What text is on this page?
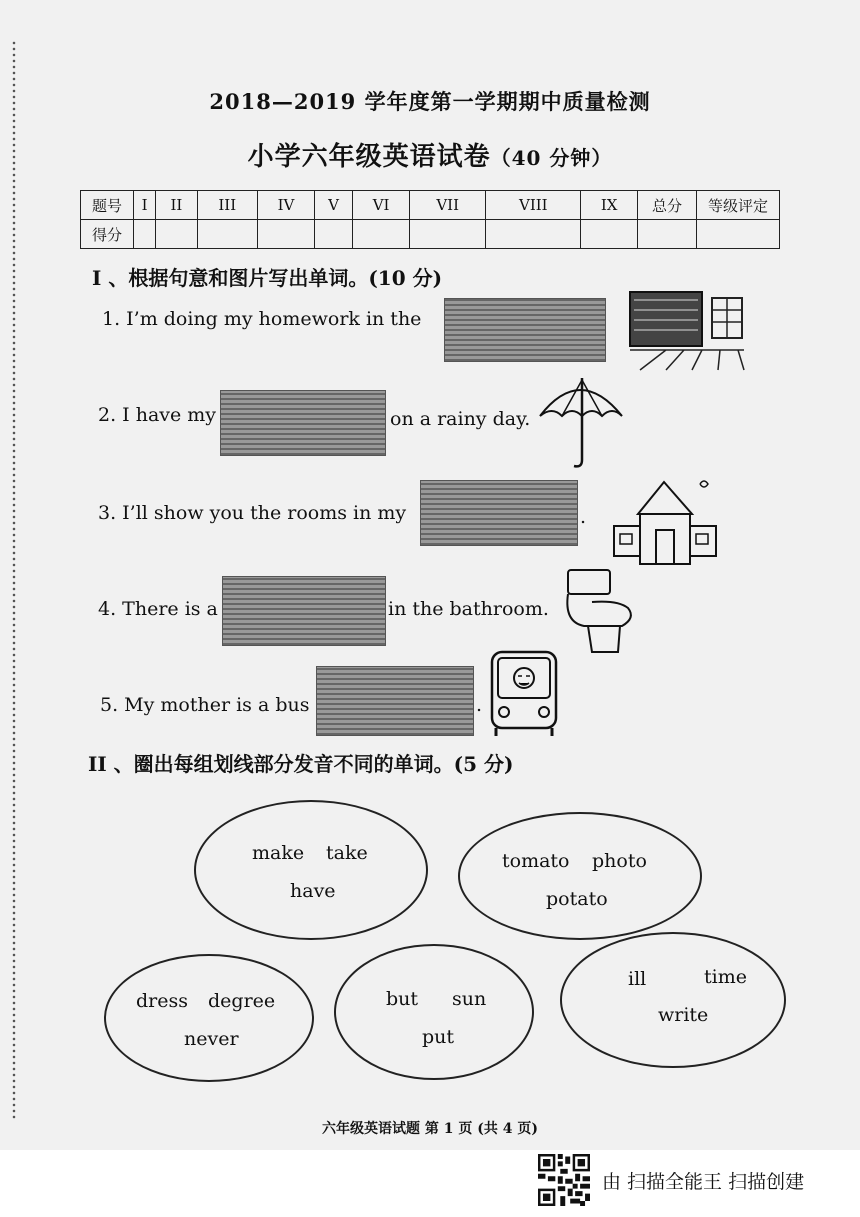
2018—2019 学年度第一学期期中质量检测
小学六年级英语试卷（40 分钟）
题号	I	II	III	IV	V	VI	VII	VIII	IX	总分	等级评定
得分											
I 、根据句意和图片写出单词。(10 分)
1. I’m doing my homework in the
2. I have my	on a rainy day.
3. I’ll show you the rooms in my	.
4. There is a	in the bathroom.
5. My mother is a bus	.
II 、圈出每组划线部分发音不同的单词。(5 分)
make take
have
tomato photo
potato
dress degree
never
but sun
put
ill	time
write
六年级英语试题 第 1 页 (共 4 页)
由 扫描全能王 扫描创建
